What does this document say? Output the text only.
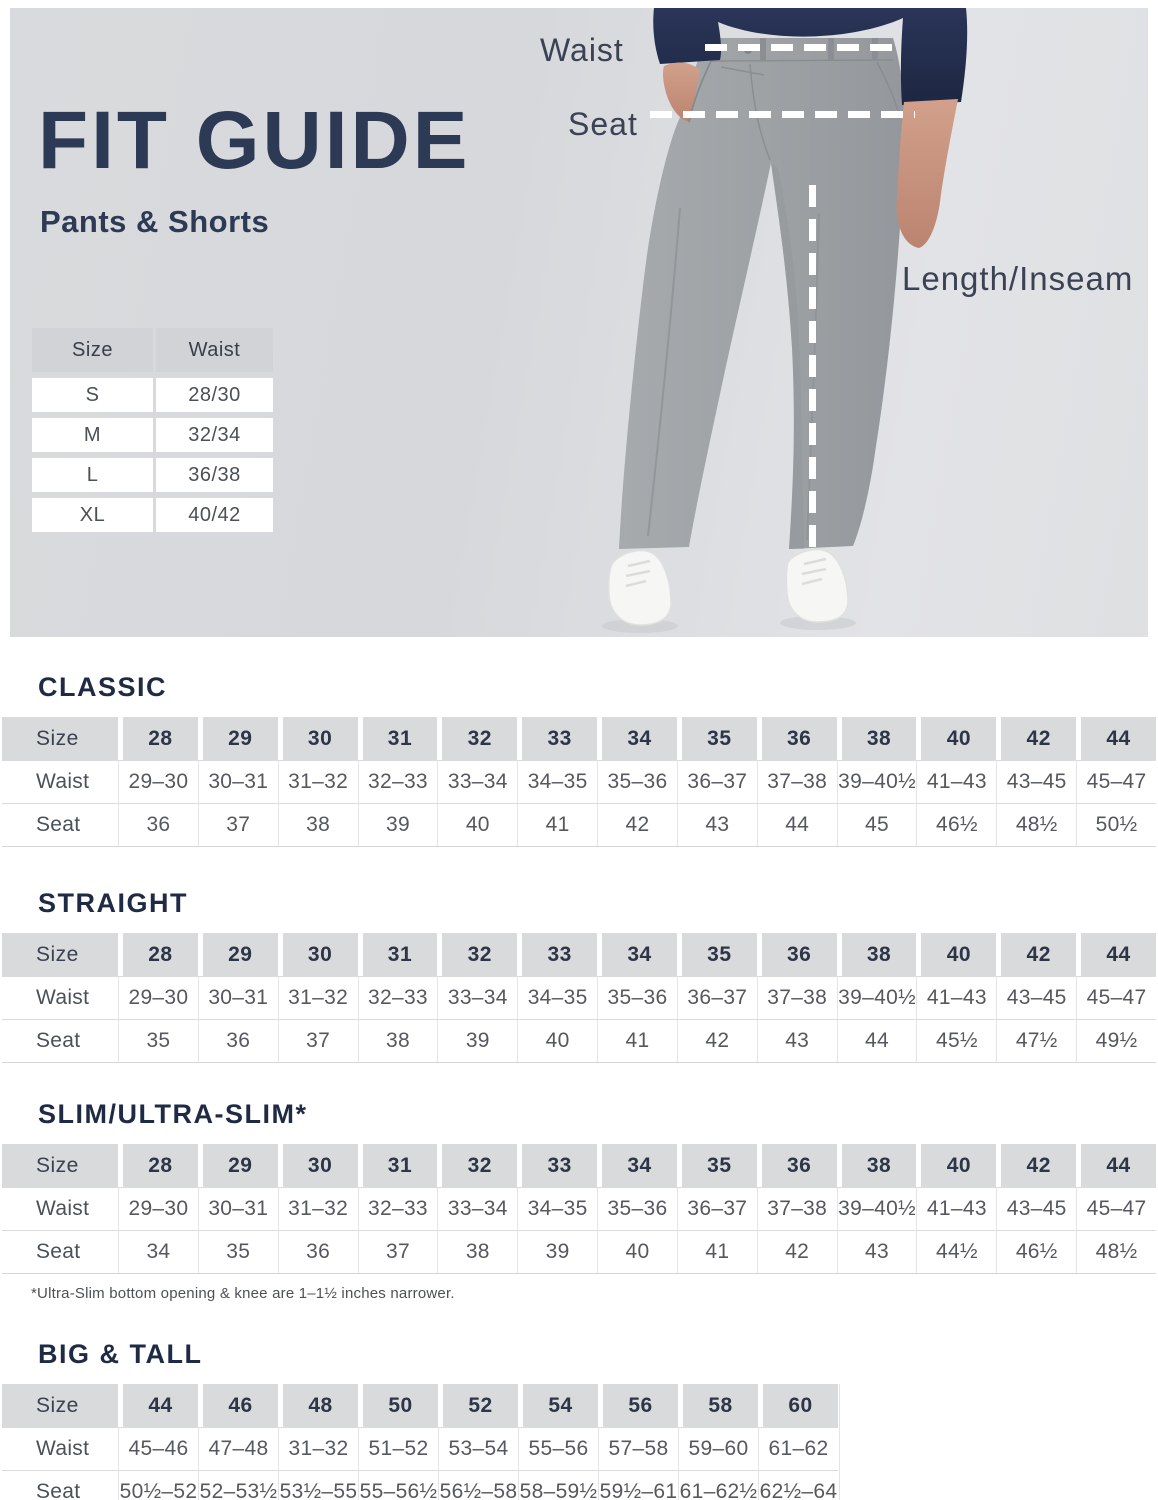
FIT GUIDE
Pants & Shorts
Size	Waist
S	28/30
M	32/34
L	36/38
XL	40/42
Waist
Seat
Length/Inseam
CLASSIC
Size	28	29	30	31	32	33	34	35	36	38	40	42	44
Waist	29–30 30–31 31–32 32–33 33–34 34–35 35–36 36–37 37–38 39–40½ 41–43 43–45 45–47
Seat	36	37	38	39	40	41	42	43	44	45	46½	48½	50½
STRAIGHT
Size	28	29	30	31	32	33	34	35	36	38	40	42	44
Waist	29–30 30–31 31–32 32–33 33–34 34–35 35–36 36–37 37–38 39–40½ 41–43 43–45 45–47
Seat	35	36	37	38	39	40	41	42	43	44	45½	47½	49½
SLIM/ULTRA-SLIM*
Size	28	29	30	31	32	33	34	35	36	38	40	42	44
Waist	29–30 30–31 31–32 32–33 33–34 34–35 35–36 36–37 37–38 39–40½ 41–43 43–45 45–47
Seat	34	35	36	37	38	39	40	41	42	43	44½	46½	48½

*Ultra-Slim bottom opening & knee are 1–1½ inches narrower.

BIG & TALL
Size	44	46	48	50	52	54	56	58	60
Waist	45–46 47–48 31–32 51–52 53–54 55–56 57–58 59–60 61–62
Seat	50½–52 52–53½ 53½–55 55–56½ 56½–58 58–59½ 59½–61 61–62½ 62½–64
